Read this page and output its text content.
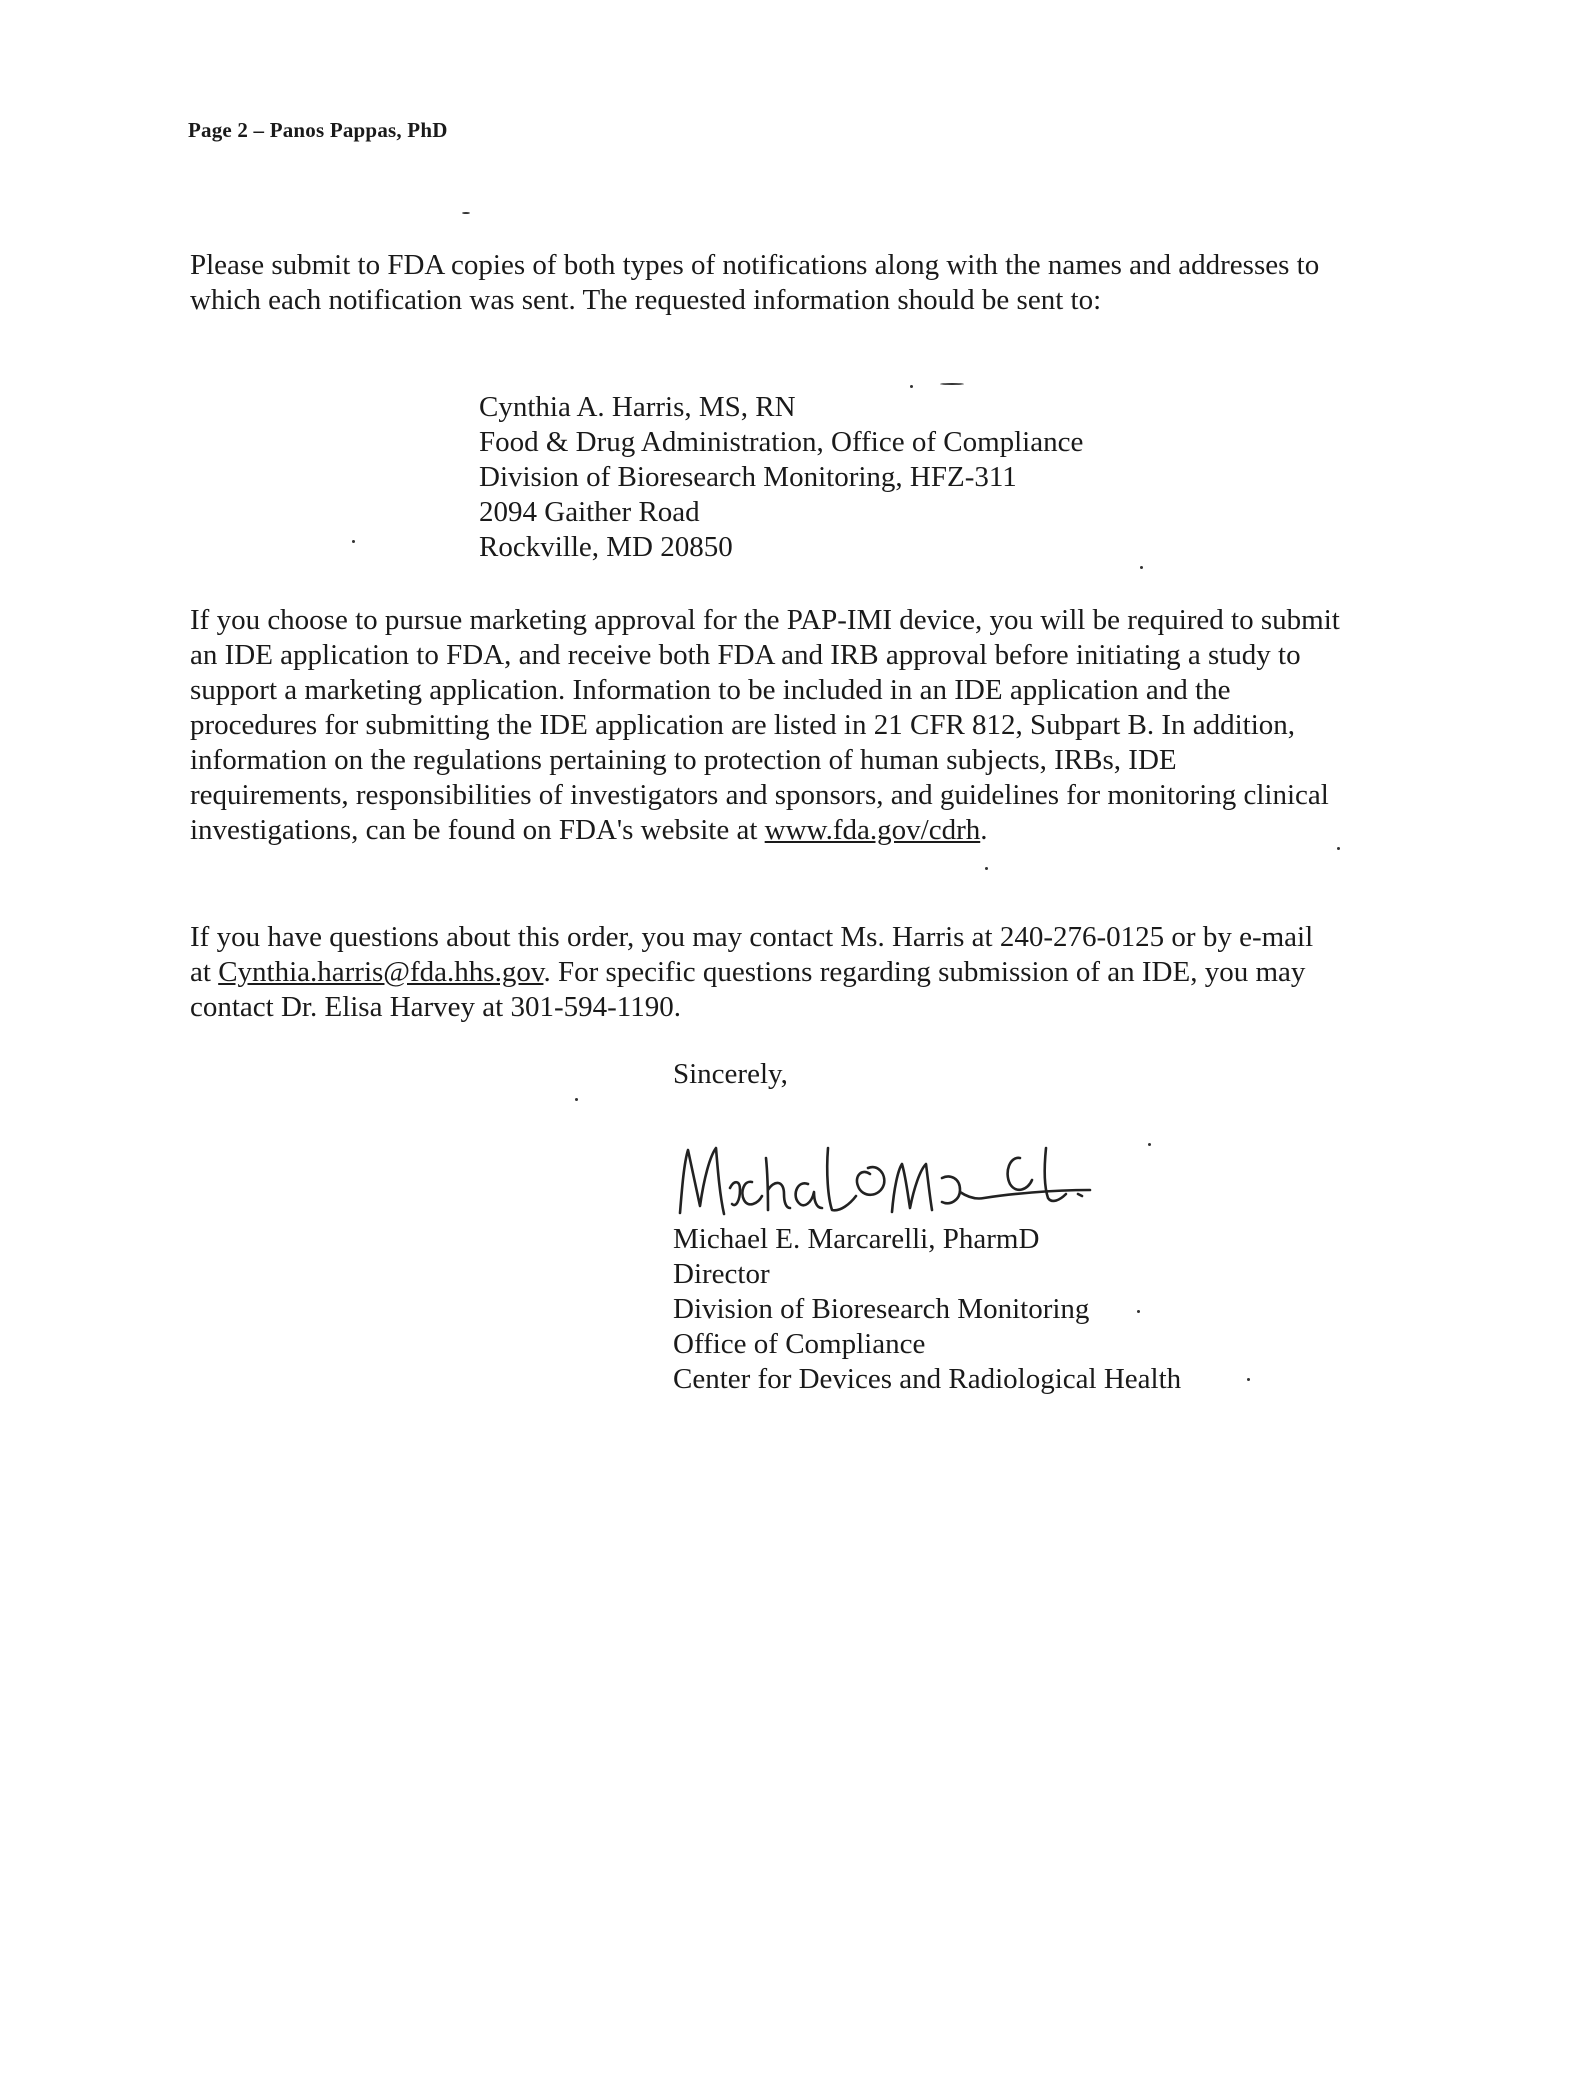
Page 2 – Panos Pappas, PhD

Please submit to FDA copies of both types of notifications along with the names and addresses to which each notification was sent. The requested information should be sent to:

Cynthia A. Harris, MS, RN
Food & Drug Administration, Office of Compliance
Division of Bioresearch Monitoring, HFZ-311
2094 Gaither Road
Rockville, MD 20850

If you choose to pursue marketing approval for the PAP-IMI device, you will be required to submit an IDE application to FDA, and receive both FDA and IRB approval before initiating a study to support a marketing application. Information to be included in an IDE application and the procedures for submitting the IDE application are listed in 21 CFR 812, Subpart B. In addition, information on the regulations pertaining to protection of human subjects, IRBs, IDE requirements, responsibilities of investigators and sponsors, and guidelines for monitoring clinical investigations, can be found on FDA's website at www.fda.gov/cdrh.

If you have questions about this order, you may contact Ms. Harris at 240-276-0125 or by e-mail at Cynthia.harris@fda.hhs.gov. For specific questions regarding submission of an IDE, you may contact Dr. Elisa Harvey at 301-594-1190.

Sincerely,
Michael E. Marcarelli, PharmD
Director
Division of Bioresearch Monitoring
Office of Compliance
Center for Devices and Radiological Health
